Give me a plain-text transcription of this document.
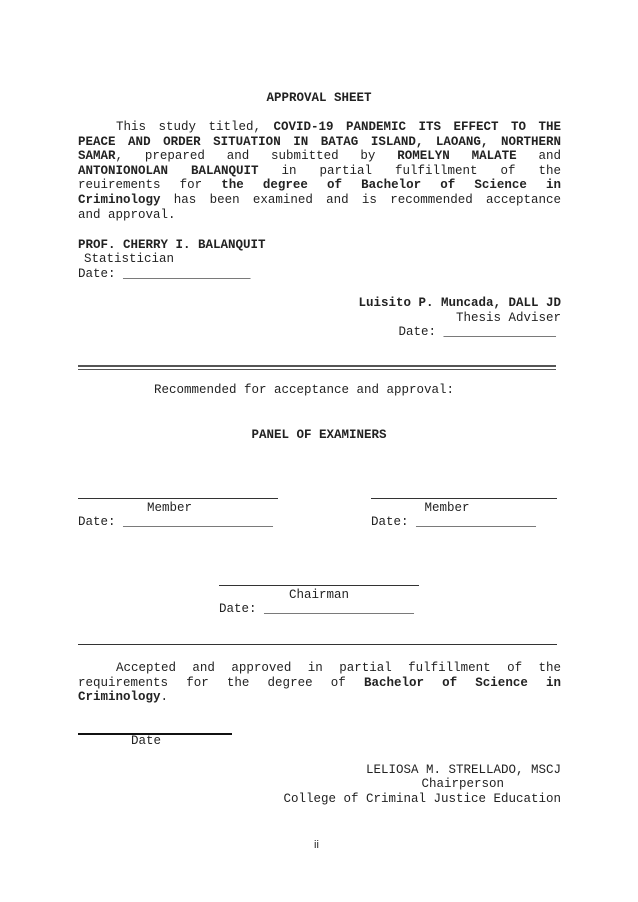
APPROVAL SHEET
This study titled, COVID-19 PANDEMIC ITS EFFECT TO THE
PEACE AND ORDER SITUATION IN BATAG ISLAND, LAOANG, NORTHERN
SAMAR, prepared and submitted by ROMELYN MALATE and
ANTONIONOLAN BALANQUIT in partial fulfillment of the
reuirements for the degree of Bachelor of Science in
Criminology has been examined and is recommended acceptance
and approval.
PROF. CHERRY I. BALANQUIT
Statistician
Date: _________________
Luisito P. Muncada, DALL JD
Thesis Adviser
Date: _______________
Recommended for acceptance and approval:
PANEL OF EXAMINERS
Member
Date: ____________________
Member
Date: ________________
Chairman
Date: ____________________
Accepted and approved in partial fulfillment of the
requirements for the degree of Bachelor of Science in
Criminology.
Date
LELIOSA M. STRELLADO, MSCJ
Chairperson
College of Criminal Justice Education
ii
